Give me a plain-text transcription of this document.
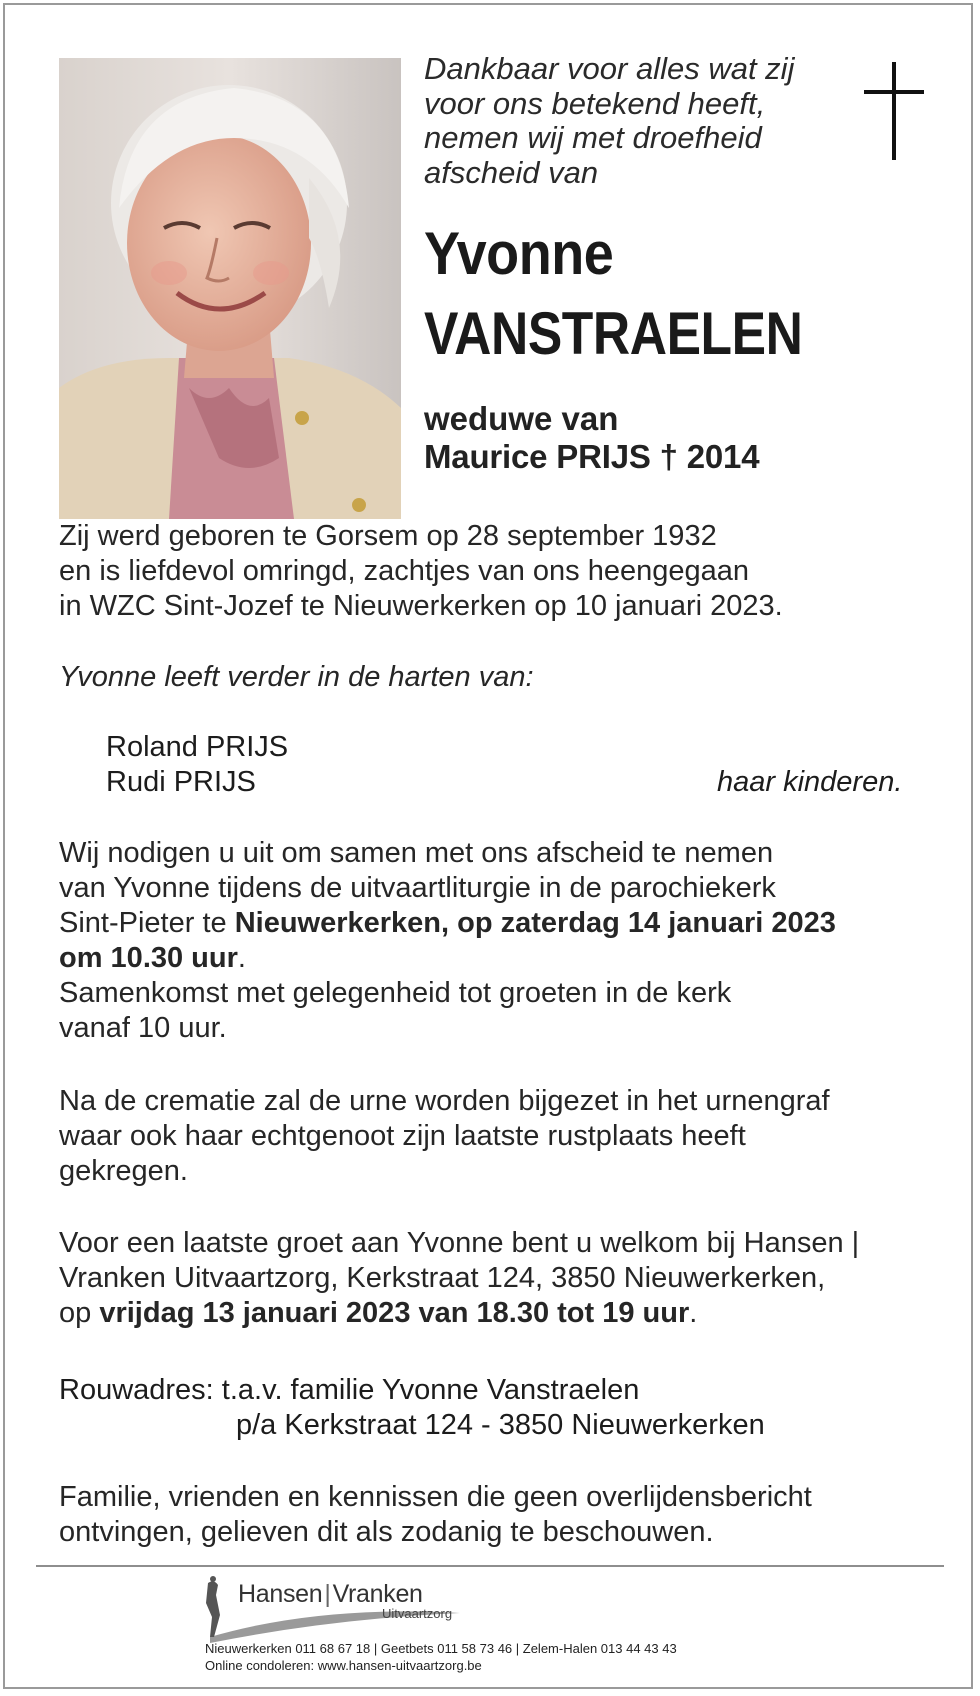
Dankbaar voor alles wat zij
voor ons betekend heeft,
nemen wij met droefheid
afscheid van
Yvonne
VANSTRAELEN
weduwe van
Maurice PRIJS † 2014

Zij werd geboren te Gorsem op 28 september 1932
en is liefdevol omringd, zachtjes van ons heengegaan
in WZC Sint-Jozef te Nieuwerkerken op 10 januari 2023.

Yvonne leeft verder in de harten van:

Roland PRIJS
Rudi PRIJS	haar kinderen.

Wij nodigen u uit om samen met ons afscheid te nemen
van Yvonne tijdens de uitvaartliturgie in de parochiekerk
Sint-Pieter te Nieuwerkerken, op zaterdag 14 januari 2023
om 10.30 uur.
Samenkomst met gelegenheid tot groeten in de kerk
vanaf 10 uur.

Na de crematie zal de urne worden bijgezet in het urnengraf
waar ook haar echtgenoot zijn laatste rustplaats heeft
gekregen.

Voor een laatste groet aan Yvonne bent u welkom bij Hansen |
Vranken Uitvaartzorg, Kerkstraat 124, 3850 Nieuwerkerken,
op vrijdag 13 januari 2023 van 18.30 tot 19 uur.

Rouwadres: t.a.v. familie Yvonne Vanstraelen
p/a Kerkstraat 124 - 3850 Nieuwerkerken

Familie, vrienden en kennissen die geen overlijdensbericht
ontvingen, gelieven dit als zodanig te beschouwen.

Hansen|Vranken
Uitvaartzorg
Nieuwerkerken 011 68 67 18 | Geetbets 011 58 73 46 | Zelem-Halen 013 44 43 43
Online condoleren: www.hansen-uitvaartzorg.be
